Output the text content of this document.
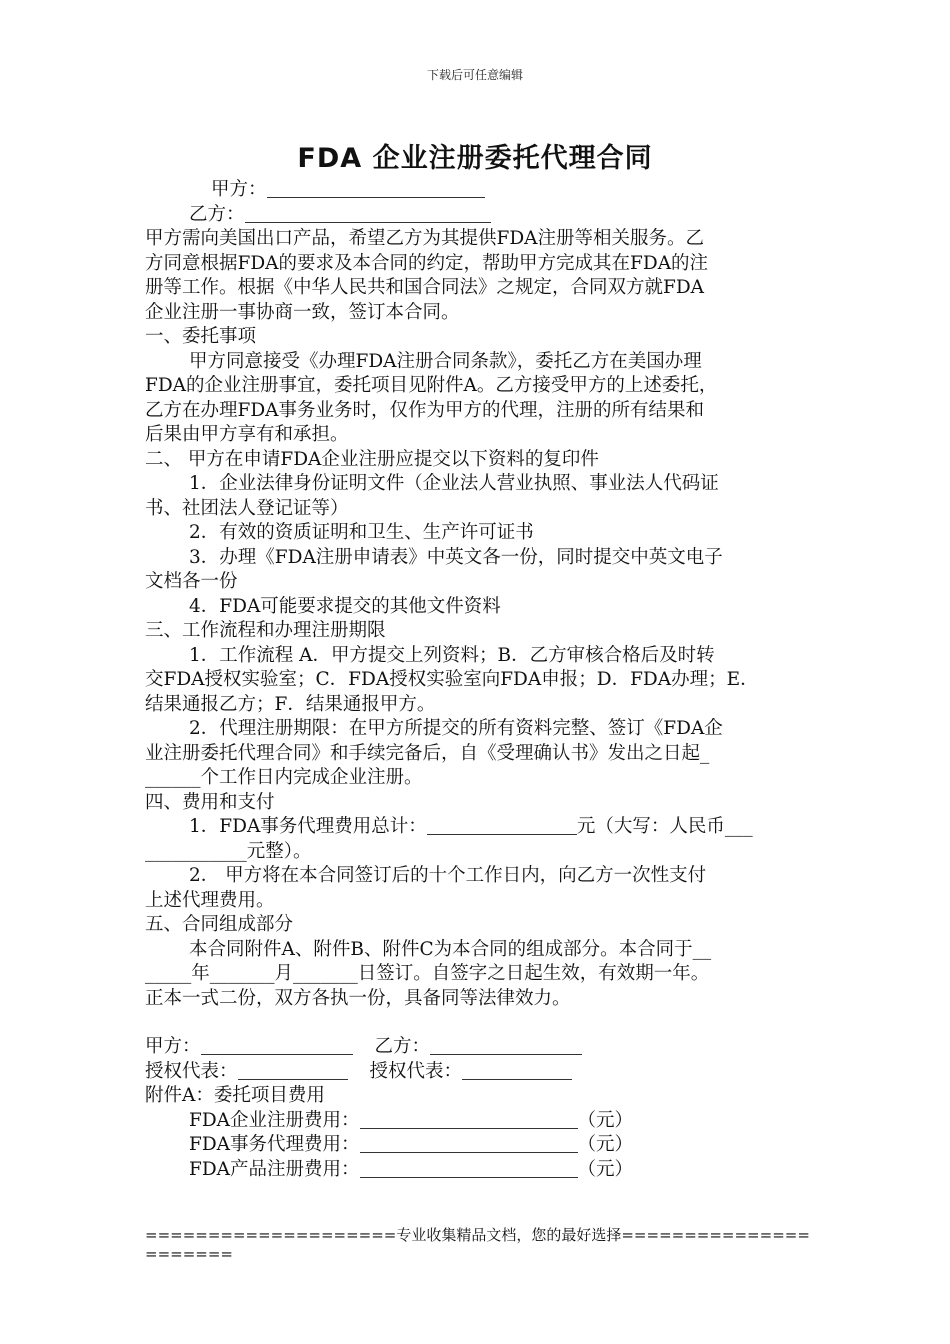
下载后可任意编辑
FDA 企业注册委托代理合同
甲方：
乙方：
甲方需向美国出口产品，希望乙方为其提供FDA注册等相关服务。乙
方同意根据FDA的要求及本合同的约定，帮助甲方完成其在FDA的注
册等工作。根据《中华人民共和国合同法》之规定，合同双方就FDA
企业注册一事协商一致，签订本合同。
一、委托事项
甲方同意接受《办理FDA注册合同条款》，委托乙方在美国办理
FDA的企业注册事宜，委托项目见附件A。乙方接受甲方的上述委托，
乙方在办理FDA事务业务时，仅作为甲方的代理，注册的所有结果和
后果由甲方享有和承担。
二、 甲方在申请FDA企业注册应提交以下资料的复印件
1．企业法律身份证明文件（企业法人营业执照、事业法人代码证
书、社团法人登记证等）
2．有效的资质证明和卫生、生产许可证书
3．办理《FDA注册申请表》中英文各一份，同时提交中英文电子
文档各一份
4．FDA可能要求提交的其他文件资料
三、工作流程和办理注册期限
1．工作流程 A．甲方提交上列资料；B．乙方审核合格后及时转
交FDA授权实验室；C．FDA授权实验室向FDA申报；D．FDA办理；E．
结果通报乙方；F．结果通报甲方。
2．代理注册期限：在甲方所提交的所有资料完整、签订《FDA企
业注册委托代理合同》和手续完备后，自《受理确认书》发出之日起_
______个工作日内完成企业注册。
四、费用和支付
1．FDA事务代理费用总计：	元（大写：人民币___
___________元整）。
2． 甲方将在本合同签订后的十个工作日内，向乙方一次性支付
上述代理费用。
五、合同组成部分
本合同附件A、附件B、附件C为本合同的组成部分。本合同于__
_____年_______月_______日签订。自签字之日起生效，有效期一年。
正本一式二份，双方各执一份，具备同等法律效力。
甲方：	乙方：
授权代表：	授权代表：
附件A：委托项目费用
FDA企业注册费用：	（元）
FDA事务代理费用：	（元）
FDA产品注册费用：	（元）
====================专业收集精品文档，您的最好选择======================
